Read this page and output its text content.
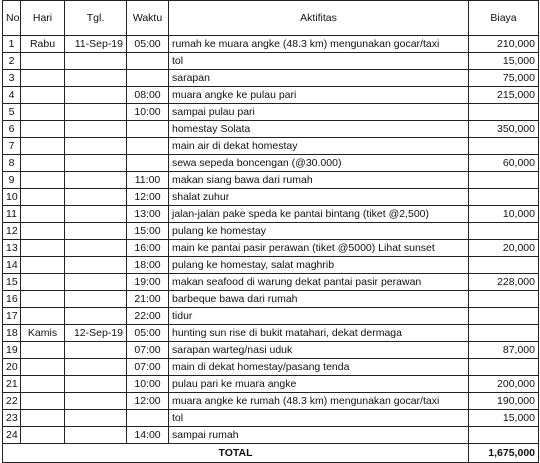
No	Hari	Tgl.	Waktu	Aktifitas	Biaya
1	Rabu	11-Sep-19	05:00	rumah ke muara angke (48.3 km) mengunakan gocar/taxi	210,000
2				tol	15,000
3				sarapan	75,000
4			08:00	muara angke ke pulau pari	215,000
5			10:00	sampai pulau pari	
6				homestay Solata	350,000
7				main air di dekat homestay	
8				sewa sepeda boncengan (@30.000)	60,000
9			11:00	makan siang bawa dari rumah	
10			12:00	shalat zuhur	
11			13:00	jalan-jalan pake speda ke pantai bintang (tiket @2,500)	10,000
12			15:00	pulang ke homestay	
13			16:00	main ke pantai pasir perawan (tiket @5000) Lihat sunset	20,000
14			18:00	pulang ke homestay, salat maghrib	
15			19:00	makan seafood di warung dekat pantai pasir perawan	228,000
16			21:00	barbeque bawa dari rumah	
17			22:00	tidur	
18	Kamis	12-Sep-19	05:00	hunting sun rise di bukit matahari, dekat dermaga	
19			07:00	sarapan warteg/nasi uduk	87,000
20			07:00	main di dekat homestay/pasang tenda	
21			10:00	pulau pari ke muara angke	200,000
22			12:00	muara angke ke rumah (48.3 km) mengunakan gocar/taxi	190,000
23				tol	15,000
24			14:00	sampai rumah	
TOTAL					1,675,000
